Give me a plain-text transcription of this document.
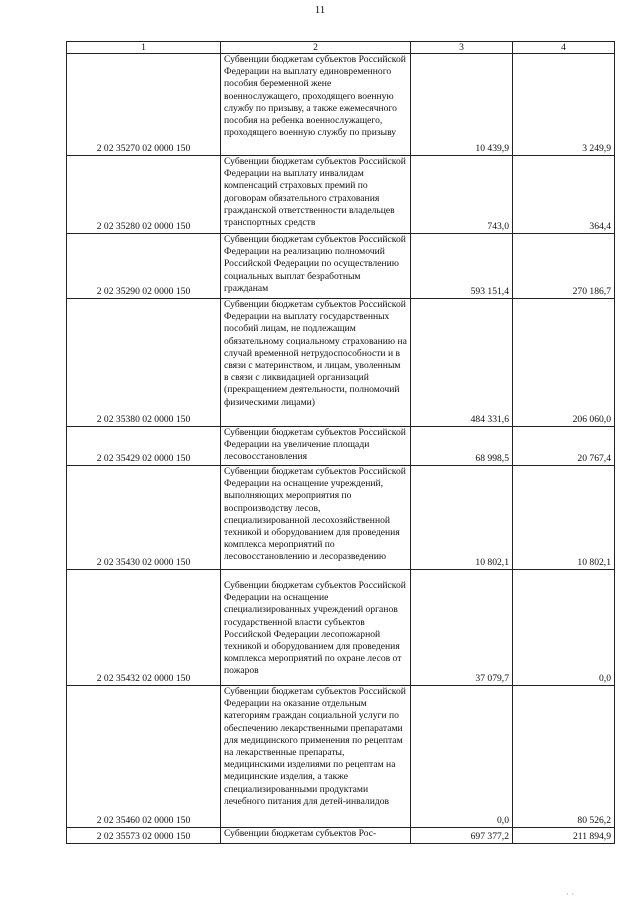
11
1	2	3	4
2 02 35270 02 0000 150	Субвенции бюджетам субъектов Российской Федерации на выплату единовременного пособия беременной жене военнослужащего, проходящего военную службу по призыву, а также ежемесячного пособия на ребенка военнослужащего, проходящего военную службу по призыву	10 439,9	3 249,9
2 02 35280 02 0000 150	Субвенции бюджетам субъектов Российской Федерации на выплату инвалидам компенсаций страховых премий по договорам обязательного страхования гражданской ответственности владельцев транспортных средств	743,0	364,4
2 02 35290 02 0000 150	Субвенции бюджетам субъектов Российской Федерации на реализацию полномочий Российской Федерации по осуществлению социальных выплат безработным гражданам	593 151,4	270 186,7
2 02 35380 02 0000 150	Субвенции бюджетам субъектов Российской Федерации на выплату государственных пособий лицам, не подлежащим обязательному социальному страхованию на случай временной нетрудоспособности и в связи с материнством, и лицам, уволенным в связи с ликвидацией организаций (прекращением деятельности, полномочий физическими лицами)	484 331,6	206 060,0
2 02 35429 02 0000 150	Субвенции бюджетам субъектов Российской Федерации на увеличение площади лесовосстановления	68 998,5	20 767,4
2 02 35430 02 0000 150	Субвенции бюджетам субъектов Российской Федерации на оснащение учреждений, выполняющих мероприятия по воспроизводству лесов, специализированной лесохозяйственной техникой и оборудованием для проведения комплекса мероприятий по лесовосстановлению и лесоразведению	10 802,1	10 802,1
2 02 35432 02 0000 150	Субвенции бюджетам субъектов Российской Федерации на оснащение специализированных учреждений органов государственной власти субъектов Российской Федерации лесопожарной техникой и оборудованием для проведения комплекса мероприятий по охране лесов от пожаров	37 079,7	0,0
2 02 35460 02 0000 150	Субвенции бюджетам субъектов Российской Федерации на оказание отдельным категориям граждан социальной услуги по обеспечению лекарственными препаратами для медицинского применения по рецептам на лекарственные препараты, медицинскими изделиями по рецептам на медицинские изделия, а также специализированными продуктами лечебного питания для детей-инвалидов	0,0	80 526,2
2 02 35573 02 0000 150	Субвенции бюджетам субъектов Рос-	697 377,2	211 894,9
· ·
